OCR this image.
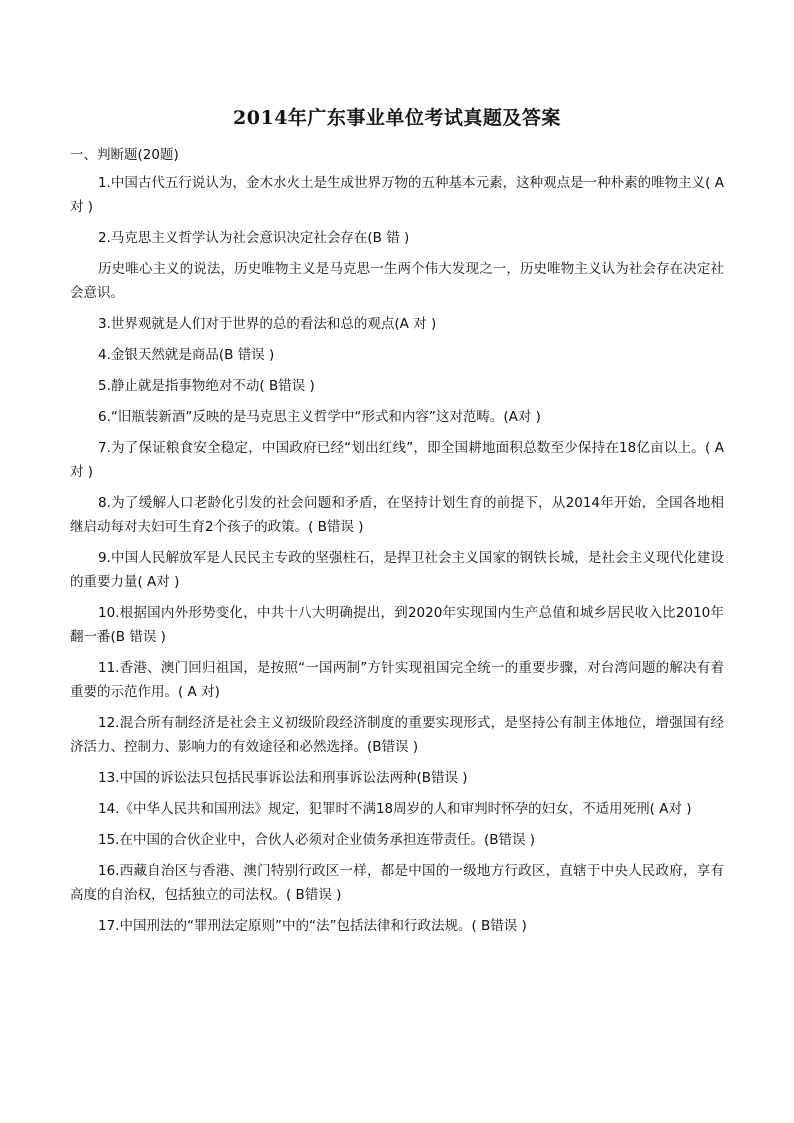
2014年广东事业单位考试真题及答案
一、判断题(20题)

1.中国古代五行说认为，金木水火土是生成世界万物的五种基本元素，这种观点是一种朴素的唯物主义( A对 )

2.马克思主义哲学认为社会意识决定社会存在(B 错 )

历史唯心主义的说法，历史唯物主义是马克思一生两个伟大发现之一，历史唯物主义认为社会存在决定社会意识。

3.世界观就是人们对于世界的总的看法和总的观点(A 对 )

4.金银天然就是商品(B 错误 )

5.静止就是指事物绝对不动( B错误 )

6.“旧瓶装新酒”反映的是马克思主义哲学中“形式和内容”这对范畴。(A对 )

7.为了保证粮食安全稳定，中国政府已经“划出红线”，即全国耕地面积总数至少保持在18亿亩以上。( A对 )

8.为了缓解人口老龄化引发的社会问题和矛盾，在坚持计划生育的前提下，从2014年开始，全国各地相继启动每对夫妇可生育2个孩子的政策。( B错误 )

9.中国人民解放军是人民民主专政的坚强柱石，是捍卫社会主义国家的钢铁长城，是社会主义现代化建设的重要力量( A对 )

10.根据国内外形势变化，中共十八大明确提出，到2020年实现国内生产总值和城乡居民收入比2010年翻一番(B 错误 )

11.香港、澳门回归祖国，是按照“一国两制”方针实现祖国完全统一的重要步骤，对台湾问题的解决有着重要的示范作用。( A 对)

12.混合所有制经济是社会主义初级阶段经济制度的重要实现形式，是坚持公有制主体地位，增强国有经济活力、控制力、影响力的有效途径和必然选择。(B错误 )

13.中国的诉讼法只包括民事诉讼法和刑事诉讼法两种(B错误 )

14.《中华人民共和国刑法》规定，犯罪时不满18周岁的人和审判时怀孕的妇女，不适用死刑( A对 )

15.在中国的合伙企业中，合伙人必须对企业债务承担连带责任。(B错误 )

16.西藏自治区与香港、澳门特别行政区一样，都是中国的一级地方行政区，直辖于中央人民政府，享有高度的自治权，包括独立的司法权。( B错误 )

17.中国刑法的“罪刑法定原则”中的“法”包括法律和行政法规。( B错误 )
